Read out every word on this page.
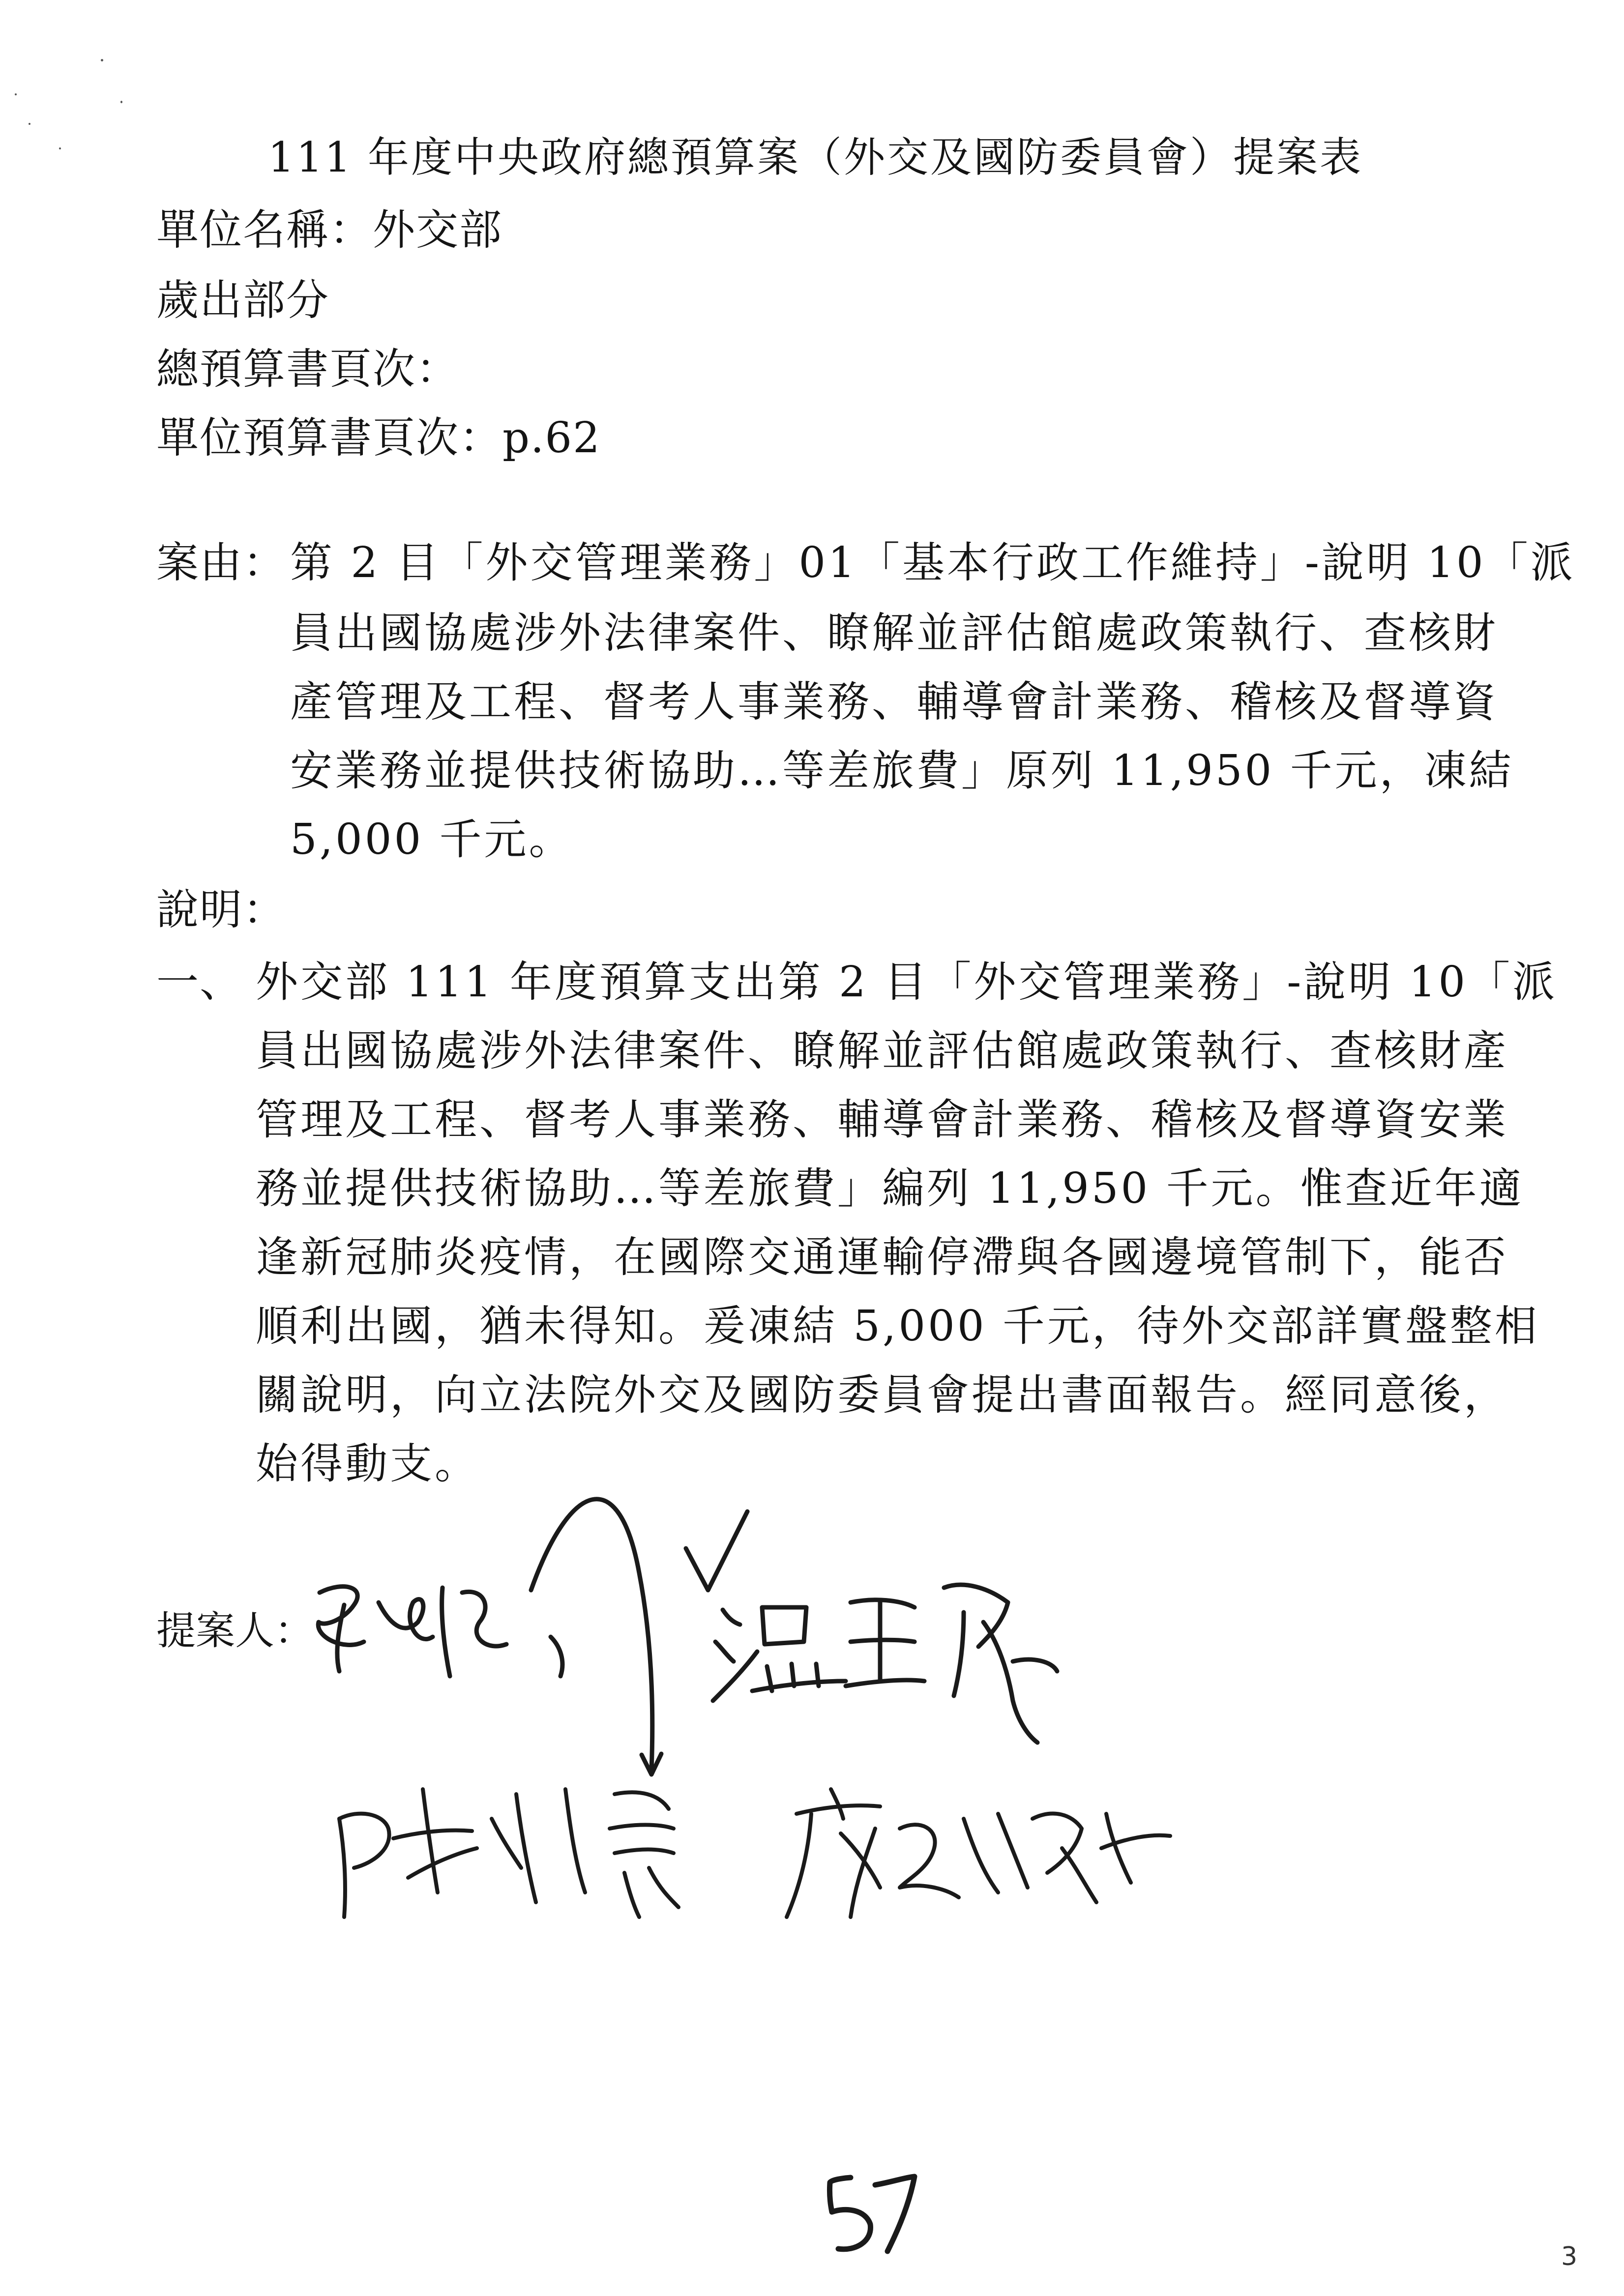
111 年度中央政府總預算案（外交及國防委員會）提案表
單位名稱：外交部
歲出部分
總預算書頁次：
單位預算書頁次：p.62
案由： 第 2 目「外交管理業務」01「基本行政工作維持」-說明 10「派
員出國協處涉外法律案件、瞭解並評估館處政策執行、查核財
產管理及工程、督考人事業務、輔導會計業務、稽核及督導資
安業務並提供技術協助…等差旅費」原列 11,950 千元，凍結
5,000 千元。
說明：
一、 外交部 111 年度預算支出第 2 目「外交管理業務」-說明 10「派
員出國協處涉外法律案件、瞭解並評估館處政策執行、查核財產
管理及工程、督考人事業務、輔導會計業務、稽核及督導資安業
務並提供技術協助…等差旅費」編列 11,950 千元。惟查近年適
逢新冠肺炎疫情，在國際交通運輸停滯與各國邊境管制下，能否
順利出國，猶未得知。爰凍結 5,000 千元，待外交部詳實盤整相
關說明，向立法院外交及國防委員會提出書面報告。經同意後，
始得動支。
提案人：
3
